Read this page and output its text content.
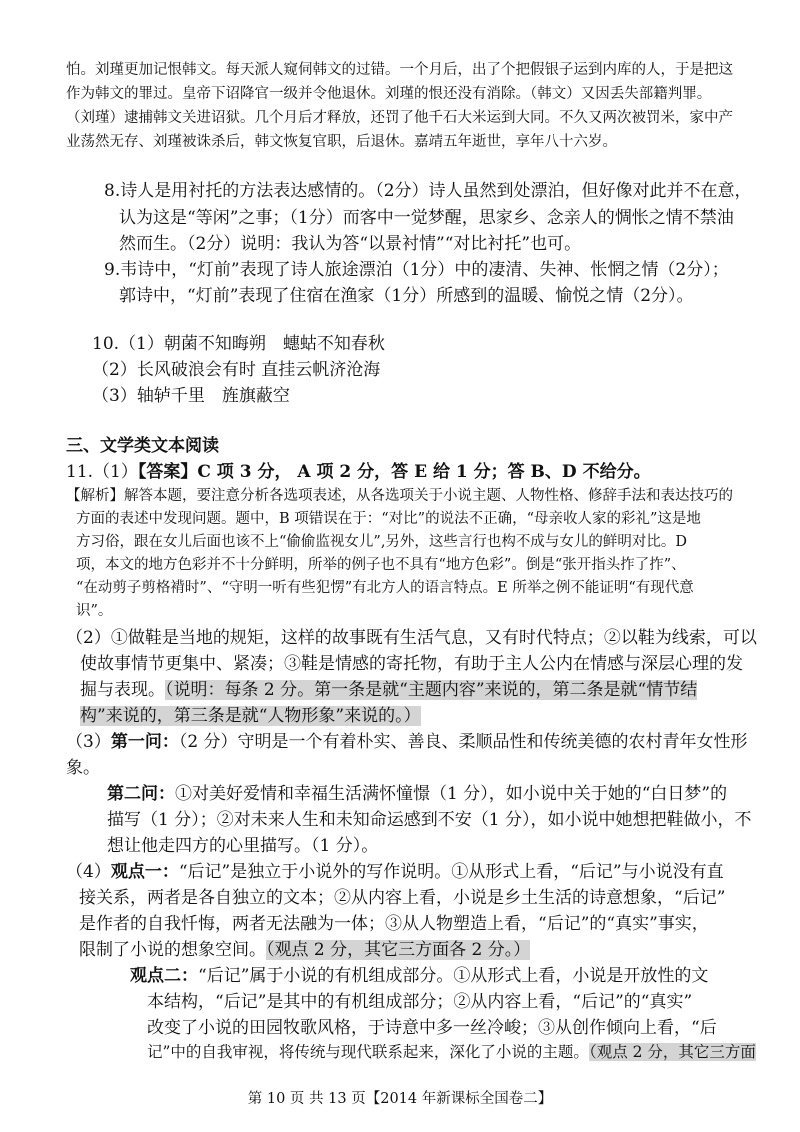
怕。刘瑾更加记恨韩文。每天派人窥伺韩文的过错。一个月后，出了个把假银子运到内库的人，于是把这
作为韩文的罪过。皇帝下诏降官一级并令他退休。刘瑾的恨还没有消除。（韩文）又因丢失部籍判罪。
（刘瑾）逮捕韩文关进诏狱。几个月后才释放，还罚了他千石大米运到大同。不久又两次被罚米，家中产
业荡然无存、刘瑾被诛杀后，韩文恢复官职，后退休。嘉靖五年逝世，享年八十六岁。
8.诗人是用衬托的方法表达感情的。（2分）诗人虽然到处漂泊，但好像对此并不在意，
认为这是“等闲”之事；（1分）而客中一觉梦醒，思家乡、念亲人的惆怅之情不禁油
然而生。（2分）说明：我认为答“以景衬情”“对比衬托”也可。
9.韦诗中，“灯前”表现了诗人旅途漂泊（1分）中的凄清、失神、怅惘之情（2分）；
郭诗中，“灯前”表现了住宿在渔家（1分）所感到的温暖、愉悦之情（2分）。
10.（1）朝菌不知晦朔　蟪蛄不知春秋
（2）长风破浪会有时 直挂云帆济沧海
（3）轴轳千里　旌旗蔽空
三、文学类文本阅读
11.（1）【答案】C 项 3 分， A 项 2 分，答 E 给 1 分；答 B、D 不给分。
【解析】解答本题，要注意分析各选项表述，从各选项关于小说主题、人物性格、修辞手法和表达技巧的
方面的表述中发现问题。题中，B 项错误在于：“对比”的说法不正确，“母亲收人家的彩礼”这是地
方习俗，跟在女儿后面也该不上“偷偷监视女儿”,另外，这些言行也构不成与女儿的鲜明对比。D
项，本文的地方色彩并不十分鲜明，所举的例子也不具有“地方色彩”。倒是“张开指头拃了拃”、
“在动剪子剪格褙时”、“守明一听有些犯愣”有北方人的语言特点。E 所举之例不能证明“有现代意
识”。
（2）①做鞋是当地的规矩，这样的故事既有生活气息，又有时代特点；②以鞋为线索，可以
使故事情节更集中、紧凑；③鞋是情感的寄托物，有助于主人公内在情感与深层心理的发
掘与表现。（说明：每条 2 分。第一条是就“主题内容”来说的，第二条是就“情节结
构”来说的，第三条是就“人物形象”来说的。）
（3）第一问：（2 分）守明是一个有着朴实、善良、柔顺品性和传统美德的农村青年女性形
象。
第二问：①对美好爱情和幸福生活满怀憧憬（1 分），如小说中关于她的“白日梦”的
描写（1 分）；②对未来人生和未知命运感到不安（1 分），如小说中她想把鞋做小，不
想让他走四方的心里描写。（1 分）。
（4）观点一：“后记”是独立于小说外的写作说明。①从形式上看，“后记”与小说没有直
接关系，两者是各自独立的文本；②从内容上看，小说是乡土生活的诗意想象，“后记”
是作者的自我忏悔，两者无法融为一体；③从人物塑造上看，“后记”的“真实”事实，
限制了小说的想象空间。（观点 2 分，其它三方面各 2 分。）
观点二：“后记”属于小说的有机组成部分。①从形式上看，小说是开放性的文
本结构，“后记”是其中的有机组成部分；②从内容上看，“后记”的“真实”
改变了小说的田园牧歌风格，于诗意中多一丝冷峻；③从创作倾向上看，“后
记”中的自我审视，将传统与现代联系起来，深化了小说的主题。（观点 2 分，其它三方面
第 10 页 共 13 页【2014 年新课标全国卷二】
